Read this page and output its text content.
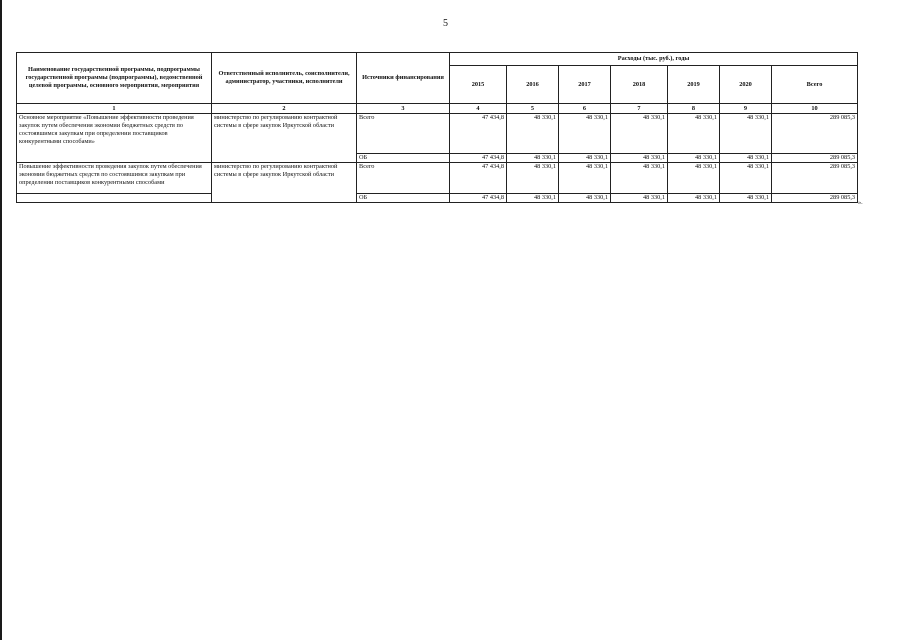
5
Наименование государственной программы, подпрограммы государственной программы (подпрограммы), ведомственной целевой программы, основного мероприятия, мероприятия	Ответственный исполнитель, соисполнители, администратор, участники, исполнители	Источники финансирования	Расходы (тыс. руб.), годы						
			2015	2016	2017	2018	2019	2020	Всего
1	2	3	4	5	6	7	8	9	10
Основное мероприятие «Повышение эффективности проведения закупок путем обеспечения экономии бюджетных средств по состоявшимся закупкам при определении поставщиков конкурентными способами»	министерство по регулированию контрактной системы в сфере закупок Иркутской области	Всего	47 434,8	48 330,1	48 330,1	48 330,1	48 330,1	48 330,1	289 085,3
		ОБ	47 434,8	48 330,1	48 330,1	48 330,1	48 330,1	48 330,1	289 085,3
Повышение эффективности проведения закупок путем обеспечения экономии бюджетных средств по состоявшимся закупкам при определении поставщиков конкурентными способами	министерство по регулированию контрактной системы в сфере закупок Иркутской области	Всего	47 434,8	48 330,1	48 330,1	48 330,1	48 330,1	48 330,1	289 085,3
		ОБ	47 434,8	48 330,1	48 330,1	48 330,1	48 330,1	48 330,1	289 085,3
».
